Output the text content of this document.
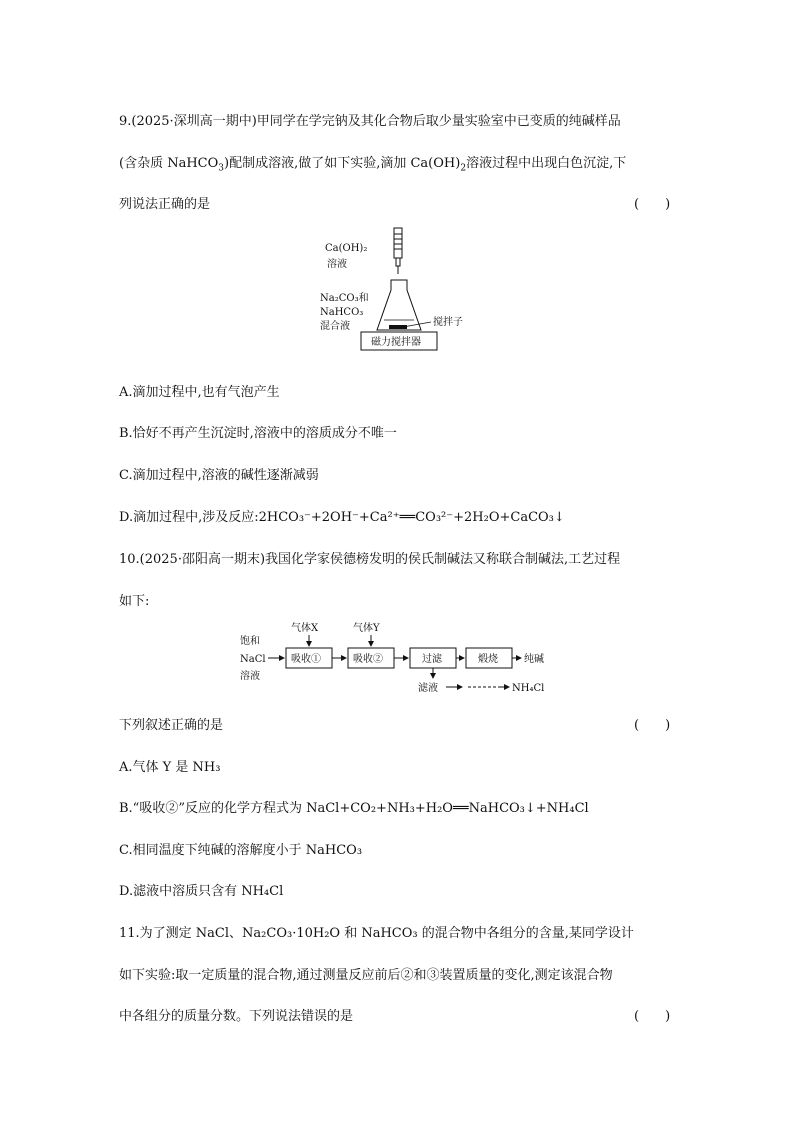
9.(2025·深圳高一期中)甲同学在学完钠及其化合物后取少量实验室中已变质的纯碱样品
(含杂质 NaHCO$_3$)配制成溶液,做了如下实验,滴加 $Ca(OH)_2$溶液过程中出现白色沉淀,下
列说法正确的是	(　　)
Ca(OH)₂
溶液
Na₂CO₃和
NaHCO₃
混合液	搅拌子
磁力搅拌器
A.滴加过程中,也有气泡产生
B.恰好不再产生沉淀时,溶液中的溶质成分不唯一
C.滴加过程中,溶液的碱性逐渐减弱
D.滴加过程中,涉及反应:2HCO₃⁻+2OH⁻+Ca²⁺══CO₃²⁻+2H₂O+CaCO₃↓
10.(2025·邵阳高一期末)我国化学家侯德榜发明的侯氏制碱法又称联合制碱法,工艺过程
如下:
饱和
NaCl
溶液
气体X	气体Y
吸收①	吸收②	过滤	煅烧	纯碱
滤液	NH₄Cl
下列叙述正确的是	(　　)
A.气体 Y 是 NH₃
B.“吸收②”反应的化学方程式为 NaCl+CO₂+NH₃+H₂O══NaHCO₃↓+NH₄Cl
C.相同温度下纯碱的溶解度小于 NaHCO₃
D.滤液中溶质只含有 NH₄Cl
11.为了测定 NaCl、Na₂CO₃·10H₂O 和 NaHCO₃ 的混合物中各组分的含量,某同学设计
如下实验:取一定质量的混合物,通过测量反应前后②和③装置质量的变化,测定该混合物
中各组分的质量分数。下列说法错误的是	(　　)
